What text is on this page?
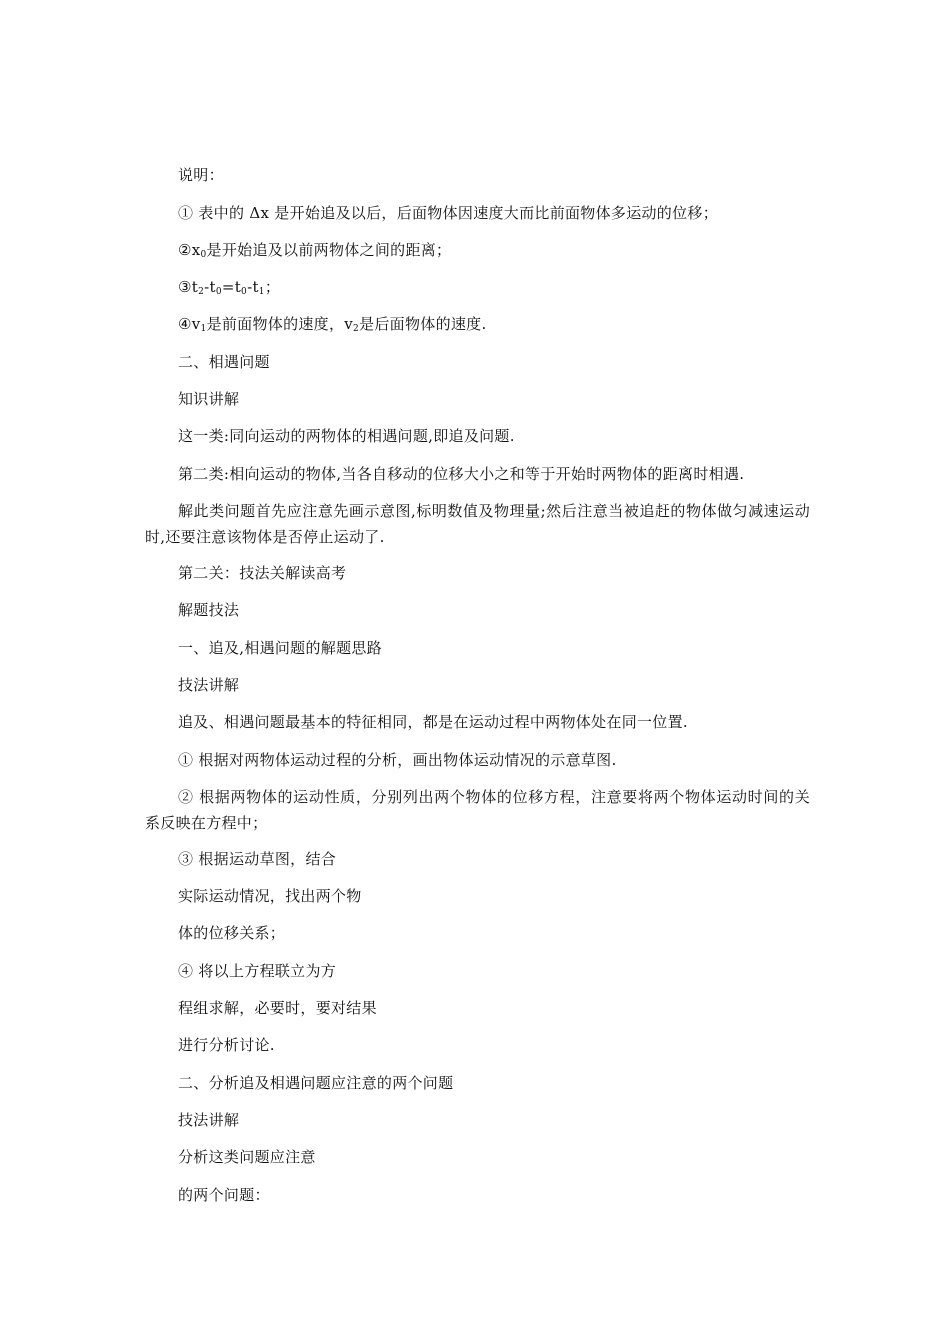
说明：
① 表中的 Δx 是开始追及以后，后面物体因速度大而比前面物体多运动的位移；
$②x_0$是开始追及以前两物体之间的距离；
$③t_2-t_0=t_0-t_1$；
$④v_1$是前面物体的速度，$v_2$是后面物体的速度.
二、相遇问题
知识讲解
这一类:同向运动的两物体的相遇问题,即追及问题.
第二类:相向运动的物体,当各自移动的位移大小之和等于开始时两物体的距离时相遇.
解此类问题首先应注意先画示意图,标明数值及物理量;然后注意当被追赶的物体做匀减速运动时,还要注意该物体是否停止运动了.
第二关：技法关解读高考
解题技法
一、追及,相遇问题的解题思路
技法讲解
追及、相遇问题最基本的特征相同，都是在运动过程中两物体处在同一位置.
① 根据对两物体运动过程的分析，画出物体运动情况的示意草图.
② 根据两物体的运动性质，分别列出两个物体的位移方程，注意要将两个物体运动时间的关系反映在方程中；
③ 根据运动草图，结合
实际运动情况，找出两个物
体的位移关系；
④ 将以上方程联立为方
程组求解，必要时，要对结果
进行分析讨论.
二、分析追及相遇问题应注意的两个问题
技法讲解
分析这类问题应注意
的两个问题：
